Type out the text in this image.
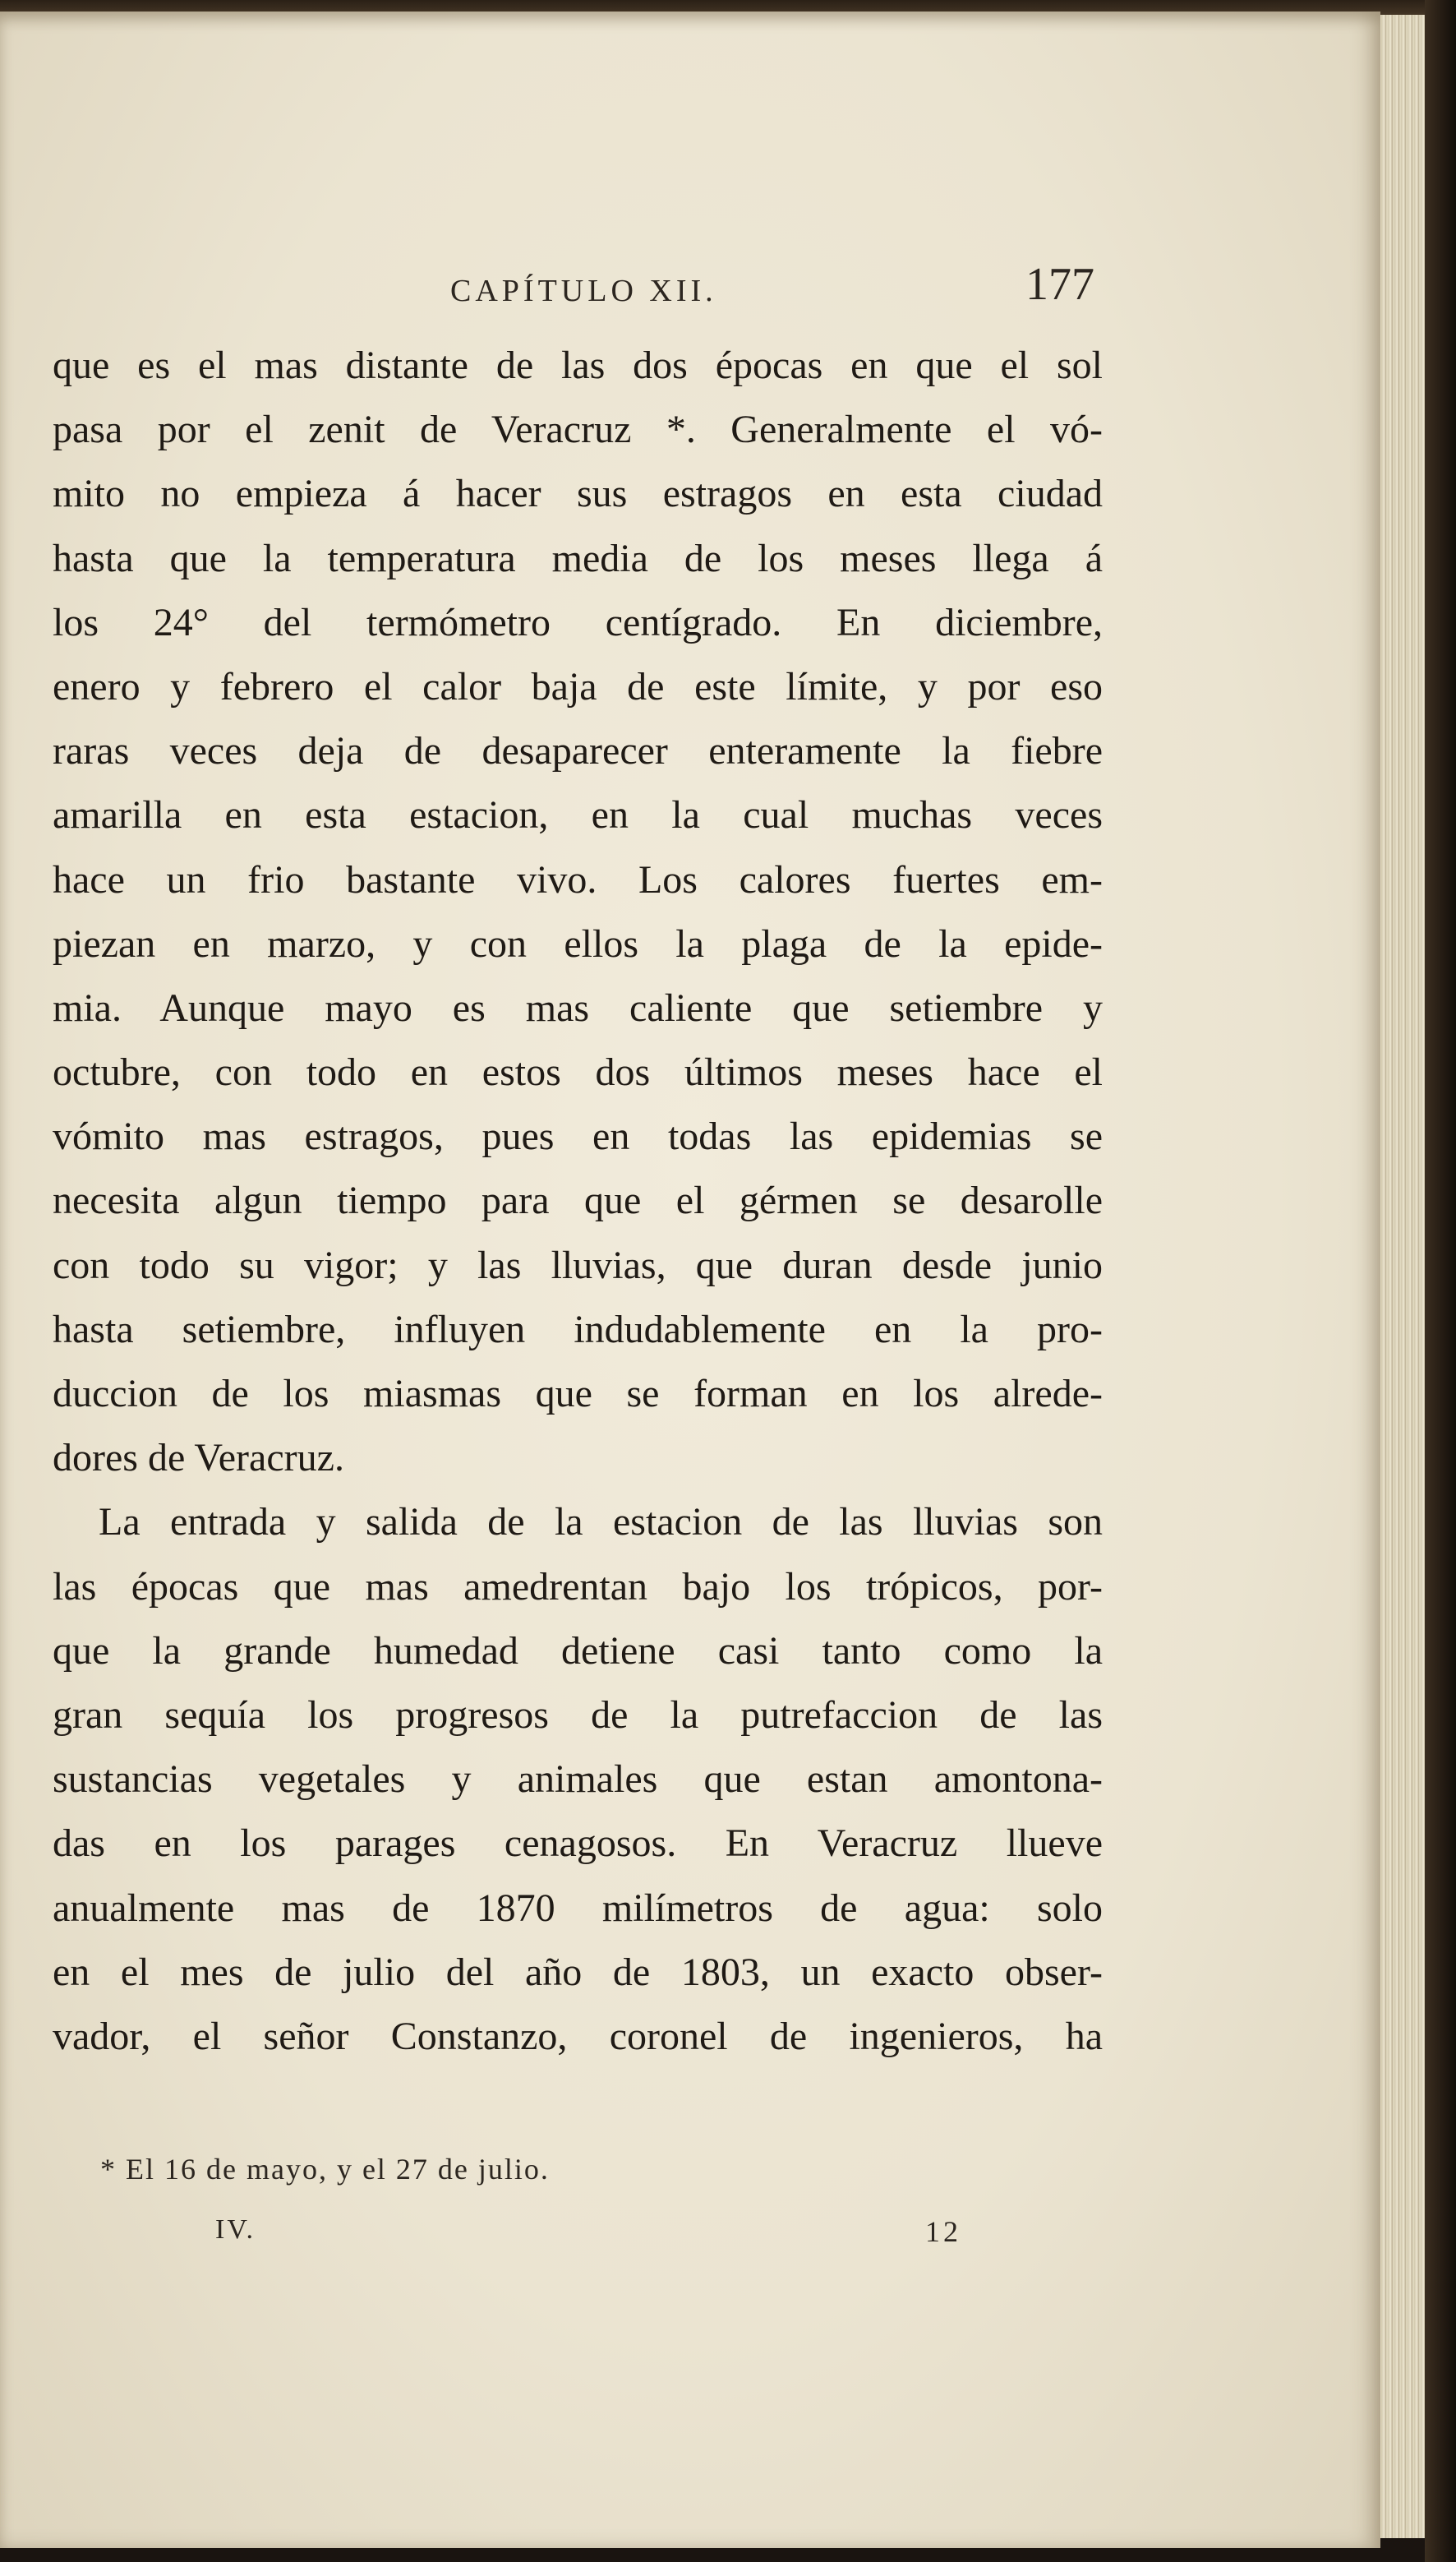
CAPÍTULO XII.	177
que es el mas distante de las dos épocas en que el sol
pasa por el zenit de Veracruz *. Generalmente el vó-
mito no empieza á hacer sus estragos en esta ciudad
hasta que la temperatura media de los meses llega á
los 24° del termómetro centígrado. En diciembre,
enero y febrero el calor baja de este límite, y por eso
raras veces deja de desaparecer enteramente la fiebre
amarilla en esta estacion, en la cual muchas veces
hace un frio bastante vivo. Los calores fuertes em-
piezan en marzo, y con ellos la plaga de la epide-
mia. Aunque mayo es mas caliente que setiembre y
octubre, con todo en estos dos últimos meses hace el
vómito mas estragos, pues en todas las epidemias se
necesita algun tiempo para que el gérmen se desarolle
con todo su vigor; y las lluvias, que duran desde junio
hasta setiembre, influyen indudablemente en la pro-
duccion de los miasmas que se forman en los alrede-
dores de Veracruz.
La entrada y salida de la estacion de las lluvias son
las épocas que mas amedrentan bajo los trópicos, por-
que la grande humedad detiene casi tanto como la
gran sequía los progresos de la putrefaccion de las
sustancias vegetales y animales que estan amontona-
das en los parages cenagosos. En Veracruz llueve
anualmente mas de 1870 milímetros de agua: solo
en el mes de julio del año de 1803, un exacto obser-
vador, el señor Constanzo, coronel de ingenieros, ha
* El 16 de mayo, y el 27 de julio.
IV.	12
